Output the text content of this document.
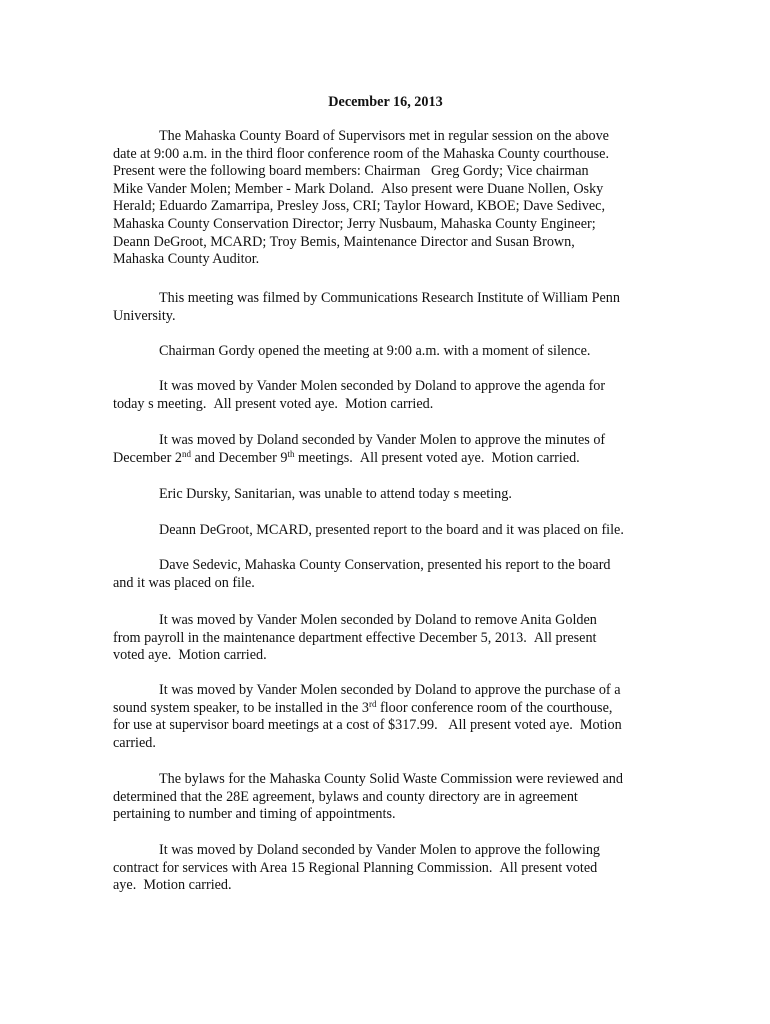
December 16, 2013

The Mahaska County Board of Supervisors met in regular session on the above
date at 9:00 a.m. in the third floor conference room of the Mahaska County courthouse.
Present were the following board members: Chairman   Greg Gordy; Vice chairman
Mike Vander Molen; Member - Mark Doland.  Also present were Duane Nollen, Osky
Herald; Eduardo Zamarripa, Presley Joss, CRI; Taylor Howard, KBOE; Dave Sedivec,
Mahaska County Conservation Director; Jerry Nusbaum, Mahaska County Engineer;
Deann DeGroot, MCARD; Troy Bemis, Maintenance Director and Susan Brown,
Mahaska County Auditor.

This meeting was filmed by Communications Research Institute of William Penn
University.

Chairman Gordy opened the meeting at 9:00 a.m. with a moment of silence.

It was moved by Vander Molen seconded by Doland to approve the agenda for
today s meeting.  All present voted aye.  Motion carried.

It was moved by Doland seconded by Vander Molen to approve the minutes of
December 2nd and December 9th meetings.  All present voted aye.  Motion carried.

Eric Dursky, Sanitarian, was unable to attend today s meeting.

Deann DeGroot, MCARD, presented report to the board and it was placed on file.

Dave Sedevic, Mahaska County Conservation, presented his report to the board
and it was placed on file.

It was moved by Vander Molen seconded by Doland to remove Anita Golden
from payroll in the maintenance department effective December 5, 2013.  All present
voted aye.  Motion carried.

It was moved by Vander Molen seconded by Doland to approve the purchase of a
sound system speaker, to be installed in the 3rd floor conference room of the courthouse,
for use at supervisor board meetings at a cost of $317.99.   All present voted aye.  Motion
carried.

The bylaws for the Mahaska County Solid Waste Commission were reviewed and
determined that the 28E agreement, bylaws and county directory are in agreement
pertaining to number and timing of appointments.

It was moved by Doland seconded by Vander Molen to approve the following
contract for services with Area 15 Regional Planning Commission.  All present voted
aye.  Motion carried.
